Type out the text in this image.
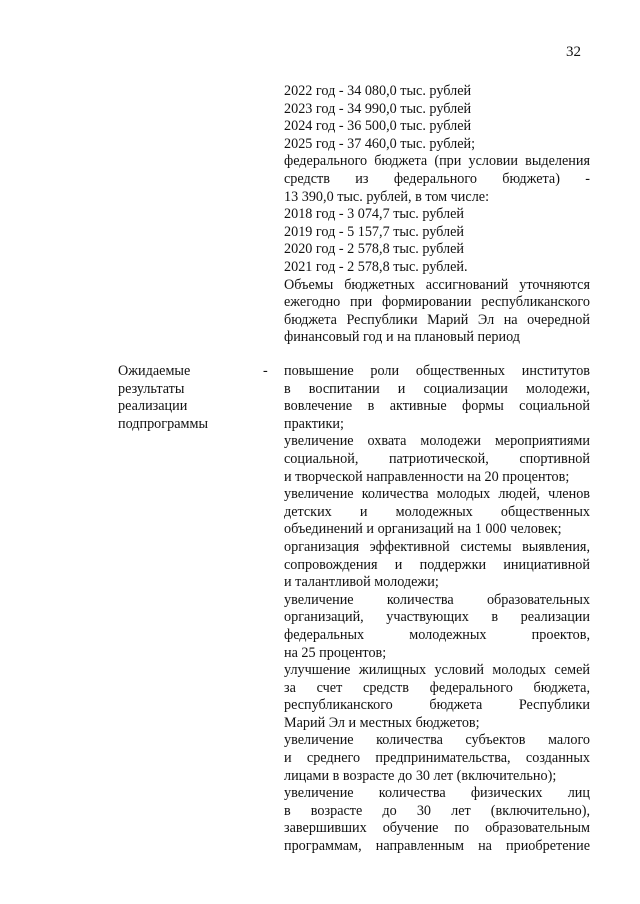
32
2022 год - 34 080,0 тыс. рублей
2023 год - 34 990,0 тыс. рублей
2024 год - 36 500,0 тыс. рублей
2025 год - 37 460,0 тыс. рублей;
федерального бюджета (при условии выделения
средств из федерального бюджета) -
13 390,0 тыс. рублей, в том числе:
2018 год - 3 074,7 тыс. рублей
2019 год - 5 157,7 тыс. рублей
2020 год - 2 578,8 тыс. рублей
2021 год - 2 578,8 тыс. рублей.
Объемы бюджетных ассигнований уточняются
ежегодно при формировании республиканского
бюджета Республики Марий Эл на очередной
финансовый год и на плановый период
Ожидаемые
результаты
реализации
подпрограммы
- повышение роли общественных институтов
в воспитании и социализации молодежи,
вовлечение в активные формы социальной
практики;
увеличение охвата молодежи мероприятиями
социальной, патриотической, спортивной
и творческой направленности на 20 процентов;
увеличение количества молодых людей, членов
детских и молодежных общественных
объединений и организаций на 1 000 человек;
организация эффективной системы выявления,
сопровождения и поддержки инициативной
и талантливой молодежи;
увеличение количества образовательных
организаций, участвующих в реализации
федеральных молодежных проектов,
на 25 процентов;
улучшение жилищных условий молодых семей
за счет средств федерального бюджета,
республиканского бюджета Республики
Марий Эл и местных бюджетов;
увеличение количества субъектов малого
и среднего предпринимательства, созданных
лицами в возрасте до 30 лет (включительно);
увеличение количества физических лиц
в возрасте до 30 лет (включительно),
завершивших обучение по образовательным
программам, направленным на приобретение
